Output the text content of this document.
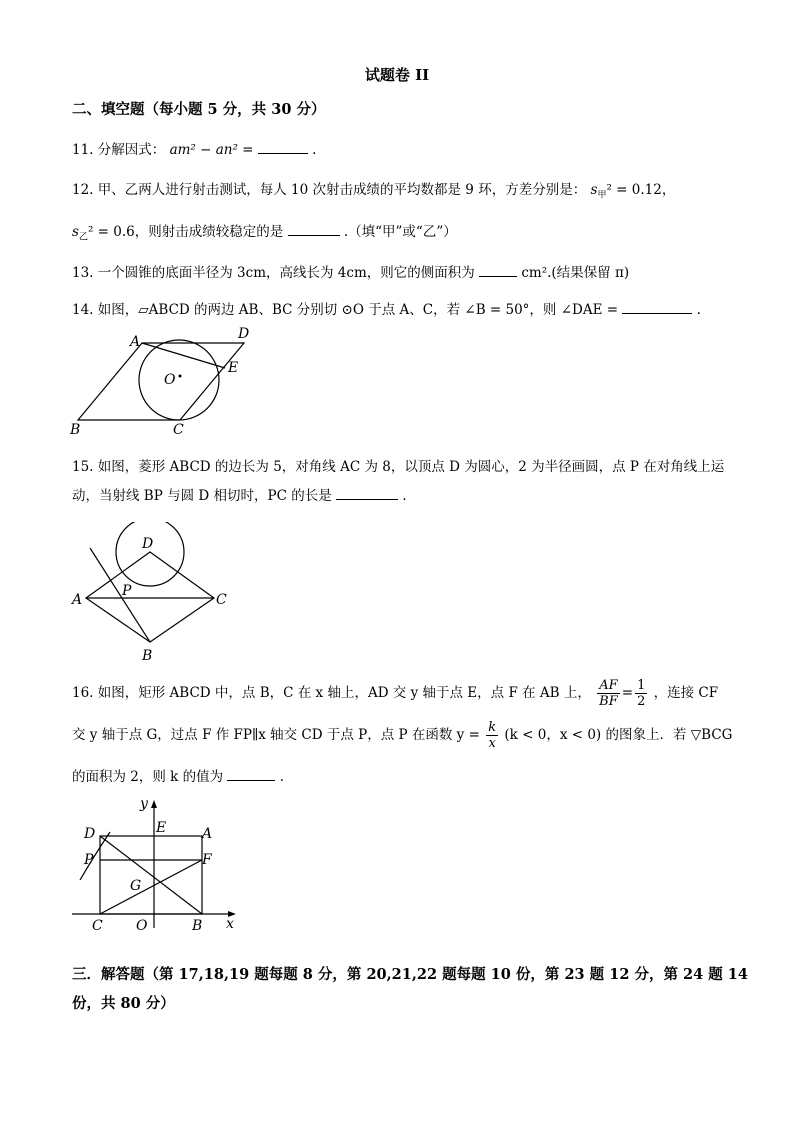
试题卷 II
二、填空题（每小题 5 分，共 30 分）
11. 分解因式： am² − an² =	.
12. 甲、乙两人进行射击测试，每人 10 次射击成绩的平均数都是 9 环，方差分别是： $s_甲^2 = 0.12$，
$s_乙^2 = 0.6$，则射击成绩较稳定的是	.（填“甲”或“乙”）
13. 一个圆锥的底面半径为 3cm，高线长为 4cm，则它的侧面积为	cm².(结果保留 π)
14. 如图，▱ABCD 的两边 AB、BC 分别切 ⊙O 于点 A、C，若 ∠B = 50°，则 ∠DAE =	.
A
B	C
D
E
O
15. 如图，菱形 ABCD 的边长为 5，对角线 AC 为 8，以顶点 D 为圆心，2 为半径画圆，点 P 在对角线上运
动，当射线 BP 与圆 D 相切时，PC 的长是	.
D
A	C
B
P
16. 如图，矩形 ABCD 中，点 B，C 在 x 轴上，AD 交 y 轴于点 E，点 F 在 AB 上， $\frac{AF}{BF} = \frac{1}{2}$ ，连接 CF
交 y 轴于点 G，过点 F 作 FP∥x 轴交 CD 于点 P，点 P 在函数 $y = \frac{k}{x} (k < 0$，x < 0) 的图象上．若 ▽BCG
的面积为 2，则 k 的值为	.
D	E	A
P	F
G
C O	B x
y
三．解答题（第 17,18,19 题每题 8 分，第 20,21,22 题每题 10 份，第 23 题 12 分，第 24 题 14
份，共 80 分）
